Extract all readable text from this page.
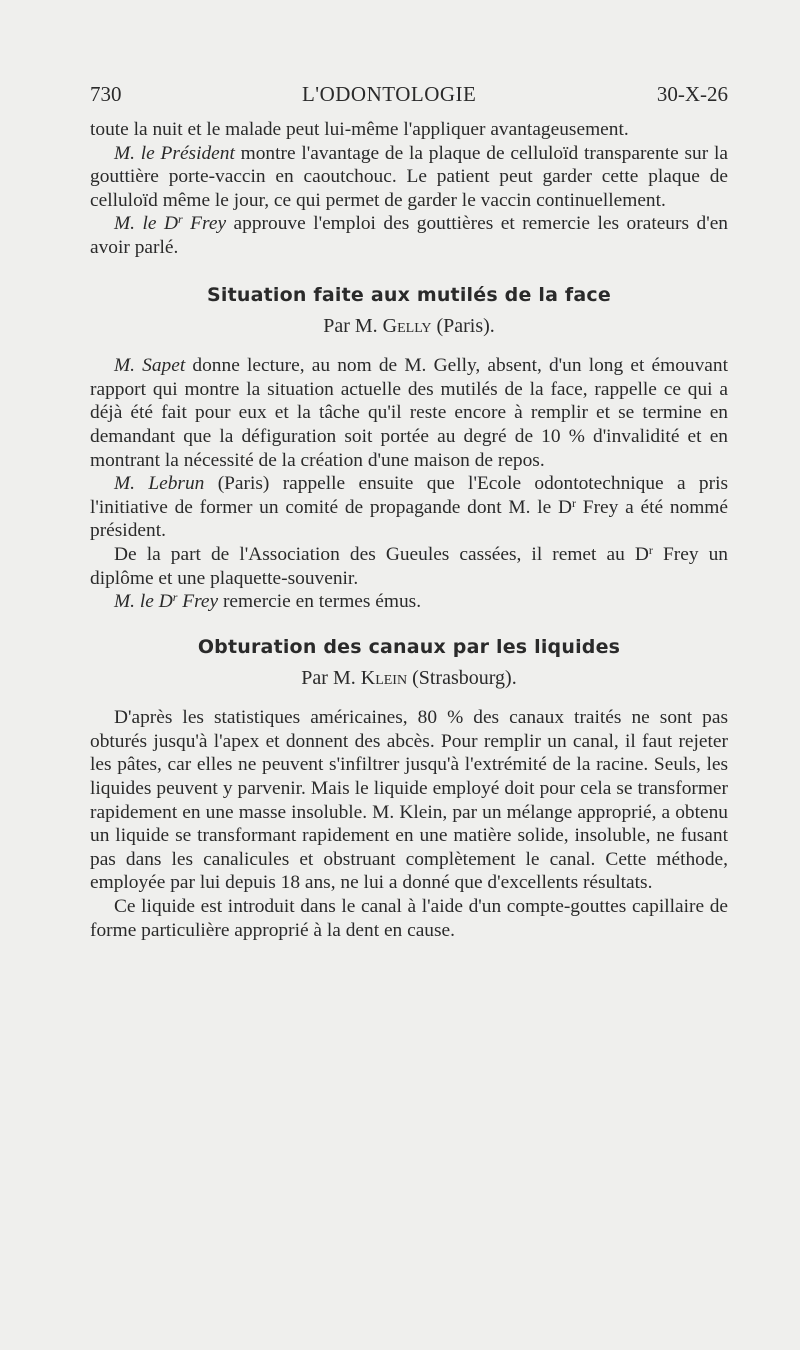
730	L'ODONTOLOGIE	30-X-26

toute la nuit et le malade peut lui-même l'appliquer avantageusement.

M. le Président montre l'avantage de la plaque de celluloïd transparente sur la gouttière porte-vaccin en caoutchouc. Le patient peut garder cette plaque de celluloïd même le jour, ce qui permet de garder le vaccin continuellement.

M. le $D^r$ Frey approuve l'emploi des gouttières et remercie les orateurs d'en avoir parlé.

Situation faite aux mutilés de la face

Par M. Gelly (Paris).

M. Sapet donne lecture, au nom de M. Gelly, absent, d'un long et émouvant rapport qui montre la situation actuelle des mutilés de la face, rappelle ce qui a déjà été fait pour eux et la tâche qu'il reste encore à remplir et se termine en demandant que la défiguration soit portée au degré de 10 % d'invalidité et en montrant la nécessité de la création d'une maison de repos.

M. Lebrun (Paris) rappelle ensuite que l'Ecole odontotechnique a pris l'initiative de former un comité de propagande dont M. le $D^r$ Frey a été nommé président.

De la part de l'Association des Gueules cassées, il remet au $D^r$ Frey un diplôme et une plaquette-souvenir.

M. le $D^r$ Frey remercie en termes émus.

Obturation des canaux par les liquides

Par M. Klein (Strasbourg).

D'après les statistiques américaines, 80 % des canaux traités ne sont pas obturés jusqu'à l'apex et donnent des abcès. Pour remplir un canal, il faut rejeter les pâtes, car elles ne peuvent s'infiltrer jusqu'à l'extrémité de la racine. Seuls, les liquides peuvent y parvenir. Mais le liquide employé doit pour cela se transformer rapidement en une masse insoluble. M. Klein, par un mélange approprié, a obtenu un liquide se transformant rapidement en une matière solide, insoluble, ne fusant pas dans les canalicules et obstruant complètement le canal. Cette méthode, employée par lui depuis 18 ans, ne lui a donné que d'excellents résultats.

Ce liquide est introduit dans le canal à l'aide d'un compte-gouttes capillaire de forme particulière approprié à la dent en cause.
